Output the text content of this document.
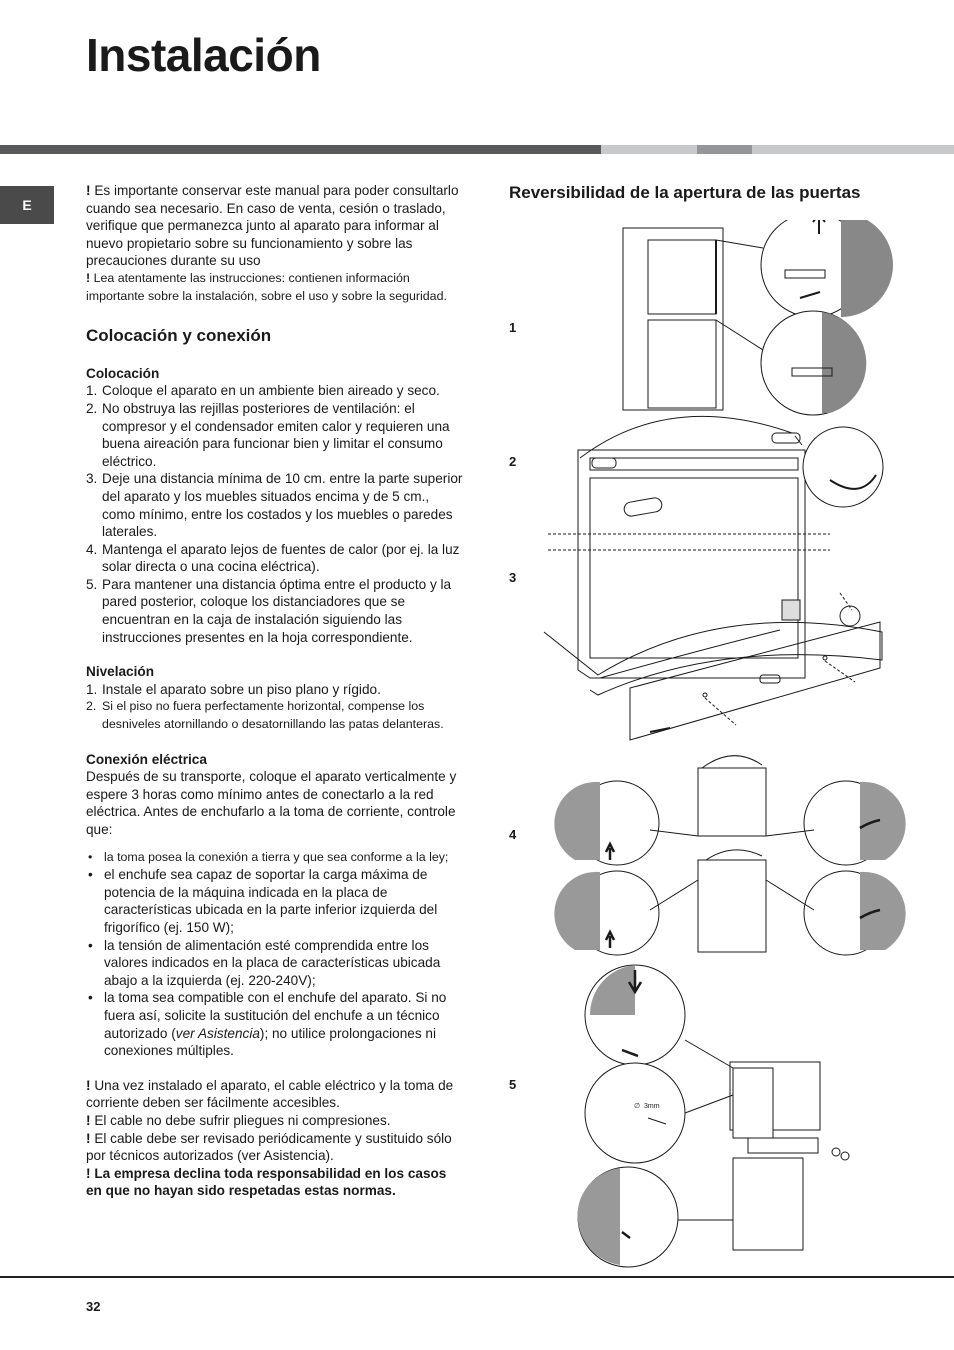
Instalación
E

! Es importante conservar este manual para poder consultarlo cuando sea necesario. En caso de venta, cesión o traslado, verifique que permanezca junto al aparato para informar al nuevo propietario sobre su funcionamiento y sobre las precauciones durante su uso

! Lea atentamente las instrucciones: contienen información importante sobre la instalación, sobre el uso y sobre la seguridad.

Colocación y conexión

Colocación

1. Coloque el aparato en un ambiente bien aireado y seco.
2. No obstruya las rejillas posteriores de ventilación: el compresor y el condensador emiten calor y requieren una buena aireación para funcionar bien y limitar el consumo eléctrico.
3. Deje una distancia mínima de 10 cm. entre la parte superior del aparato y los muebles situados encima y de 5 cm., como mínimo, entre los costados y los muebles o paredes laterales.
4. Mantenga el aparato lejos de fuentes de calor (por ej. la luz solar directa o una cocina eléctrica).
5. Para mantener una distancia óptima entre el producto y la pared posterior, coloque los distanciadores que se encuentran en la caja de instalación siguiendo las instrucciones presentes en la hoja correspondiente.

Nivelación

1. Instale el aparato sobre un piso plano y rígido.
2. Si el piso no fuera perfectamente horizontal, compense los desniveles atornillando o desatornillando las patas delanteras.

Conexión eléctrica

Después de su transporte, coloque el aparato verticalmente y espere 3 horas como mínimo antes de conectarlo a la red eléctrica. Antes de enchufarlo a la toma de corriente, controle que:

• la toma posea la conexión a tierra y que sea conforme a la ley;
• el enchufe sea capaz de soportar la carga máxima de potencia de la máquina indicada en la placa de características ubicada en la parte inferior izquierda del frigorífico (ej. 150 W);
• la tensión de alimentación esté comprendida entre los valores indicados en la placa de características ubicada abajo a la izquierda (ej. 220-240V);
• la toma sea compatible con el enchufe del aparato. Si no fuera así, solicite la sustitución del enchufe a un técnico autorizado (ver Asistencia); no utilice prolongaciones ni conexiones múltiples.

! Una vez instalado el aparato, el cable eléctrico y la toma de corriente deben ser fácilmente accesibles.

! El cable no debe sufrir pliegues ni compresiones.

! El cable debe ser revisado periódicamente y sustituido sólo por técnicos autorizados (ver Asistencia).

! La empresa declina toda responsabilidad en los casos en que no hayan sido respetadas estas normas.

Reversibilidad de la apertura de las puertas
1
2
3
4
5
∅ 3mm
32
